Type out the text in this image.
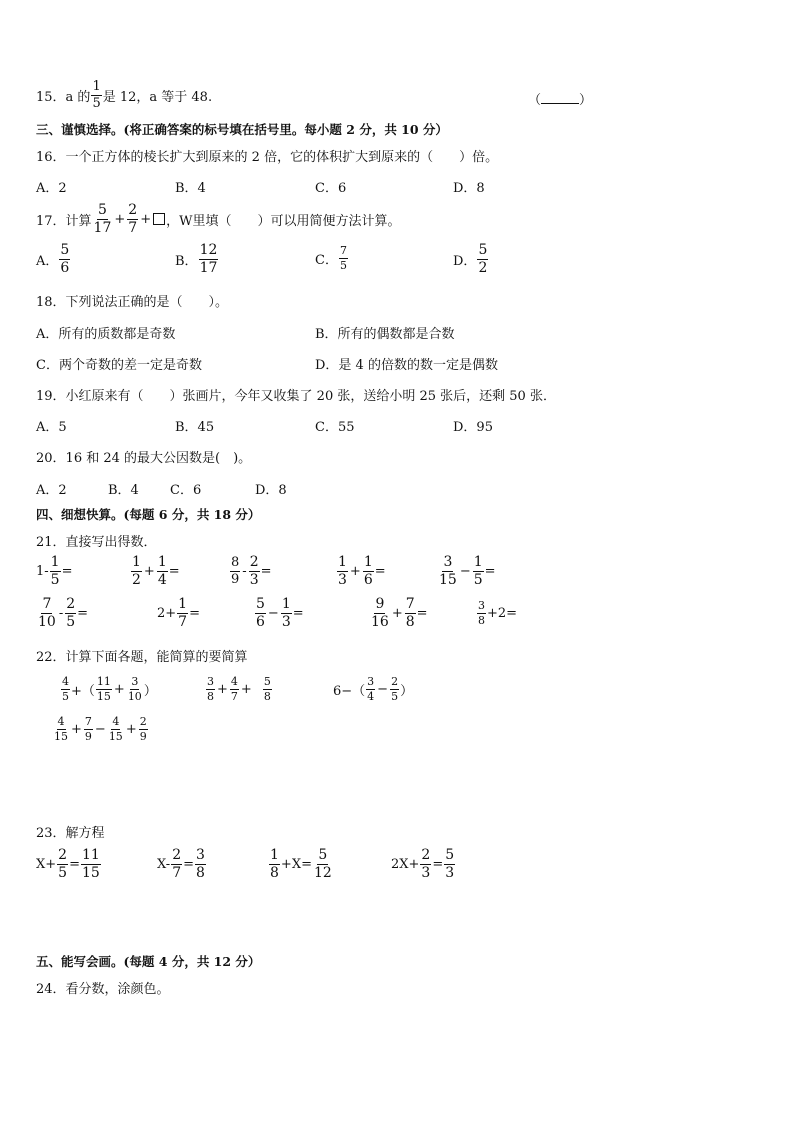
15．a 的 $\frac{1}{5}$ 是 12，a 等于 48.	（	）
三、谨慎选择。(将正确答案的标号填在括号里。每小题 2 分，共 10 分）
16．一个正方体的棱长扩大到原来的 2 倍，它的体积扩大到原来的（　　）倍。
A．2	B．4	C．6	D．8
17．计算 $\frac{5}{17} + \frac{2}{7}$ + ，W里填（　　）可以用简便方法计算。
A． $\frac{5}{6}$	B． $\frac{12}{17}$	C． $\frac{7}{5}$	D． $\frac{5}{2}$
18．下列说法正确的是（　　）。
A．所有的质数都是奇数	B．所有的偶数都是合数
C．两个奇数的差一定是奇数	D．是 4 的倍数的数一定是偶数
19．小红原来有（　　）张画片，今年又收集了 20 张，送给小明 25 张后，还剩 50 张．
A．5	B．45	C．55	D．95
20．16 和 24 的最大公因数是(　)。
A．2	B．4 C．6	D．8
四、细想快算。(每题 6 分，共 18 分）
21．直接写出得数．
$1- \frac{1}{5}$ =	$\frac{1}{2} + \frac{1}{4}$ =	$\frac{8}{9} - \frac{2}{3}$ =	$\frac{1}{3} + \frac{1}{6}$ =	$\frac{3}{15} - \frac{1}{5}$ =
$\frac{7}{10} - \frac{2}{5}$ =	$2+ \frac{1}{7}$ =	$\frac{5}{6} - \frac{1}{3}$ =	$\frac{9}{16} + \frac{7}{8}$ =	$\frac{3}{8} +2=$
22．计算下面各题，能简算的要简算
$\frac{4}{5}$ +（ $\frac{11}{15} + \frac{3}{10}$ ）	$\frac{3}{8} + \frac{4}{7} + \frac{5}{8}$	$6-( \frac{3}{4} - \frac{2}{5}$ ）
$\frac{4}{15} + \frac{7}{9} - \frac{4}{15} + \frac{2}{9}$
23．解方程
$X+ \frac{2}{5} = \frac{11}{15}$	$X- \frac{2}{7} = \frac{3}{8}$	$\frac{1}{8} +X= \frac{5}{12}$	$2X+ \frac{2}{3} = \frac{5}{3}$
五、能写会画。(每题 4 分，共 12 分）
24．看分数，涂颜色。
